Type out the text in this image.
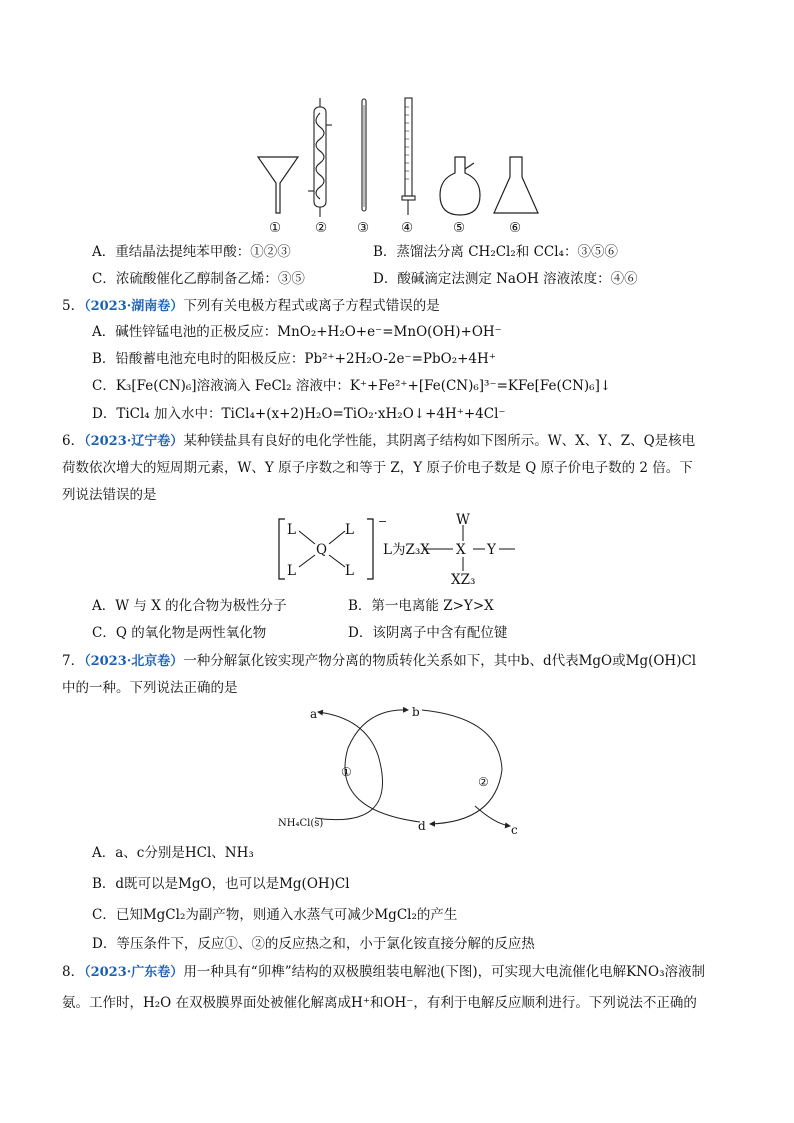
①	② ③ ④	⑤	⑥
A．重结晶法提纯苯甲酸：①②③	B．蒸馏法分离 CH₂Cl₂和 CCl₄：③⑤⑥
C．浓硫酸催化乙醇制备乙烯：③⑤	D．酸碱滴定法测定 NaOH 溶液浓度：④⑥
5．（2023·湖南卷）下列有关电极方程式或离子方程式错误的是
A．碱性锌锰电池的正极反应：MnO₂+H₂O+e⁻=MnO(OH)+OH⁻
B．铅酸蓄电池充电时的阳极反应：Pb²⁺+2H₂O-2e⁻=PbO₂+4H⁺
C．K₃[Fe(CN)₆]溶液滴入 FeCl₂ 溶液中：K⁺+Fe²⁺+[Fe(CN)₆]³⁻=KFe[Fe(CN)₆]↓
D．TiCl₄ 加入水中：TiCl₄+(x+2)H₂O=TiO₂·xH₂O↓+4H⁺+4Cl⁻
6．（2023·辽宁卷）某种镁盐具有良好的电化学性能，其阴离子结构如下图所示。W、X、Y、Z、Q是核电
荷数依次增大的短周期元素，W、Y 原子序数之和等于 Z，Y 原子价电子数是 Q 原子价电子数的 2 倍。下
列说法错误的是
L	L
Q
L	L
−
L为Z₃X
W
X Y
XZ₃
A．W 与 X 的化合物为极性分子	B．第一电离能 Z>Y>X
C．Q 的氧化物是两性氧化物	D．该阴离子中含有配位键
7．（2023·北京卷）一种分解氯化铵实现产物分离的物质转化关系如下，其中b、d代表MgO或Mg(OH)Cl
中的一种。下列说法正确的是
a	b
①
②
NH₄Cl(s)	d	c
A．a、c分别是HCl、NH₃
B．d既可以是MgO，也可以是Mg(OH)Cl
C．已知MgCl₂为副产物，则通入水蒸气可减少MgCl₂的产生
D．等压条件下，反应①、②的反应热之和，小于氯化铵直接分解的反应热
8．（2023·广东卷）用一种具有“卯榫”结构的双极膜组装电解池(下图)，可实现大电流催化电解KNO₃溶液制
氨。工作时，H₂O 在双极膜界面处被催化解离成H⁺和OH⁻，有利于电解反应顺利进行。下列说法不正确的
